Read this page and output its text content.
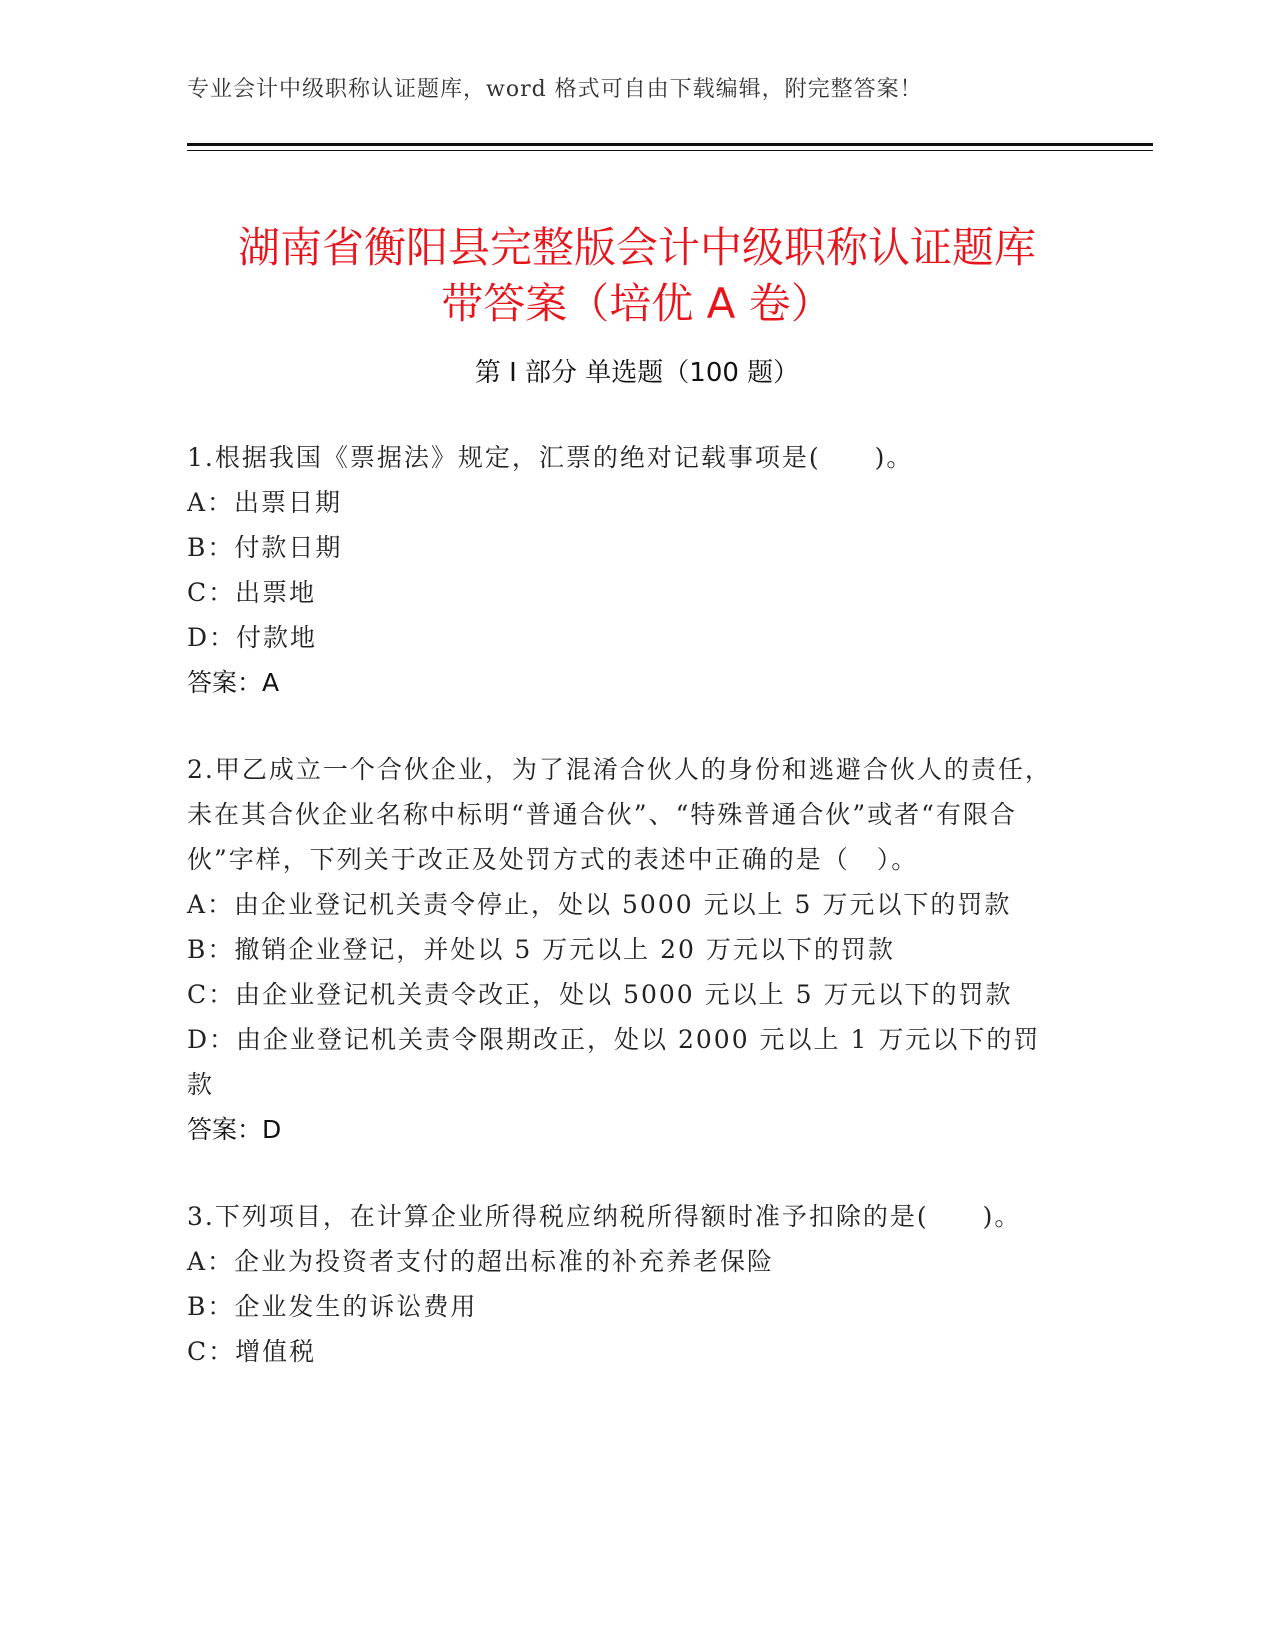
专业会计中级职称认证题库，word 格式可自由下载编辑，附完整答案！
湖南省衡阳县完整版会计中级职称认证题库
带答案（培优 A 卷）
第 I 部分 单选题（100 题）

1.根据我国《票据法》规定，汇票的绝对记载事项是(　　)。

A：出票日期

B：付款日期

C：出票地

D：付款地

答案：A

2.甲乙成立一个合伙企业，为了混淆合伙人的身份和逃避合伙人的责任，未在其合伙企业名称中标明“普通合伙”、“特殊普通合伙”或者“有限合伙”字样，下列关于改正及处罚方式的表述中正确的是（　）。

A：由企业登记机关责令停止，处以 5000 元以上 5 万元以下的罚款

B：撤销企业登记，并处以 5 万元以上 20 万元以下的罚款

C：由企业登记机关责令改正，处以 5000 元以上 5 万元以下的罚款

D：由企业登记机关责令限期改正，处以 2000 元以上 1 万元以下的罚款

答案：D

3.下列项目，在计算企业所得税应纳税所得额时准予扣除的是(　　)。

A：企业为投资者支付的超出标准的补充养老保险

B：企业发生的诉讼费用

C：增值税
